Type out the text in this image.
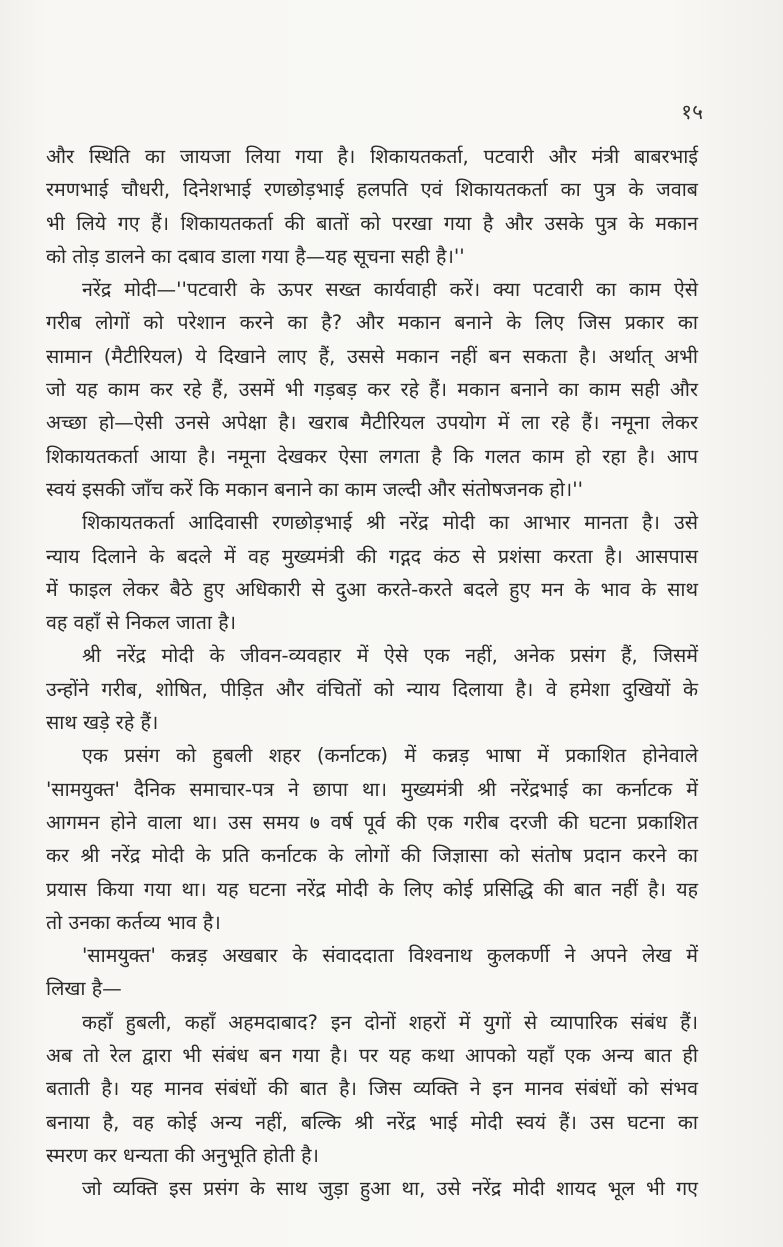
१५
और स्थिति का जायजा लिया गया है। शिकायतकर्ता, पटवारी और मंत्री बाबरभाई
रमणभाई चौधरी, दिनेशभाई रणछोड़भाई हलपति एवं शिकायतकर्ता का पुत्र के जवाब
भी लिये गए हैं। शिकायतकर्ता की बातों को परखा गया है और उसके पुत्र के मकान
को तोड़ डालने का दबाव डाला गया है—यह सूचना सही है।''
नरेंद्र मोदी—''पटवारी के ऊपर सख्त कार्यवाही करें। क्या पटवारी का काम ऐसे
गरीब लोगों को परेशान करने का है? और मकान बनाने के लिए जिस प्रकार का
सामान (मैटीरियल) ये दिखाने लाए हैं, उससे मकान नहीं बन सकता है। अर्थात् अभी
जो यह काम कर रहे हैं, उसमें भी गड़बड़ कर रहे हैं। मकान बनाने का काम सही और
अच्छा हो—ऐसी उनसे अपेक्षा है। खराब मैटीरियल उपयोग में ला रहे हैं। नमूना लेकर
शिकायतकर्ता आया है। नमूना देखकर ऐसा लगता है कि गलत काम हो रहा है। आप
स्वयं इसकी जाँच करें कि मकान बनाने का काम जल्दी और संतोषजनक हो।''
शिकायतकर्ता आदिवासी रणछोड़भाई श्री नरेंद्र मोदी का आभार मानता है। उसे
न्याय दिलाने के बदले में वह मुख्यमंत्री की गद्गद कंठ से प्रशंसा करता है। आसपास
में फाइल लेकर बैठे हुए अधिकारी से दुआ करते-करते बदले हुए मन के भाव के साथ
वह वहाँ से निकल जाता है।
श्री नरेंद्र मोदी के जीवन-व्यवहार में ऐसे एक नहीं, अनेक प्रसंग हैं, जिसमें
उन्होंने गरीब, शोषित, पीड़ित और वंचितों को न्याय दिलाया है। वे हमेशा दुखियों के
साथ खड़े रहे हैं।
एक प्रसंग को हुबली शहर (कर्नाटक) में कन्नड़ भाषा में प्रकाशित होनेवाले
'सामयुक्त' दैनिक समाचार-पत्र ने छापा था। मुख्यमंत्री श्री नरेंद्रभाई का कर्नाटक में
आगमन होने वाला था। उस समय ७ वर्ष पूर्व की एक गरीब दरजी की घटना प्रकाशित
कर श्री नरेंद्र मोदी के प्रति कर्नाटक के लोगों की जिज्ञासा को संतोष प्रदान करने का
प्रयास किया गया था। यह घटना नरेंद्र मोदी के लिए कोई प्रसिद्धि की बात नहीं है। यह
तो उनका कर्तव्य भाव है।
'सामयुक्त' कन्नड़ अखबार के संवाददाता विश्वनाथ कुलकर्णी ने अपने लेख में
लिखा है—
कहाँ हुबली, कहाँ अहमदाबाद? इन दोनों शहरों में युगों से व्यापारिक संबंध हैं।
अब तो रेल द्वारा भी संबंध बन गया है। पर यह कथा आपको यहाँ एक अन्य बात ही
बताती है। यह मानव संबंधों की बात है। जिस व्यक्ति ने इन मानव संबंधों को संभव
बनाया है, वह कोई अन्य नहीं, बल्कि श्री नरेंद्र भाई मोदी स्वयं हैं। उस घटना का
स्मरण कर धन्यता की अनुभूति होती है।
जो व्यक्ति इस प्रसंग के साथ जुड़ा हुआ था, उसे नरेंद्र मोदी शायद भूल भी गए
